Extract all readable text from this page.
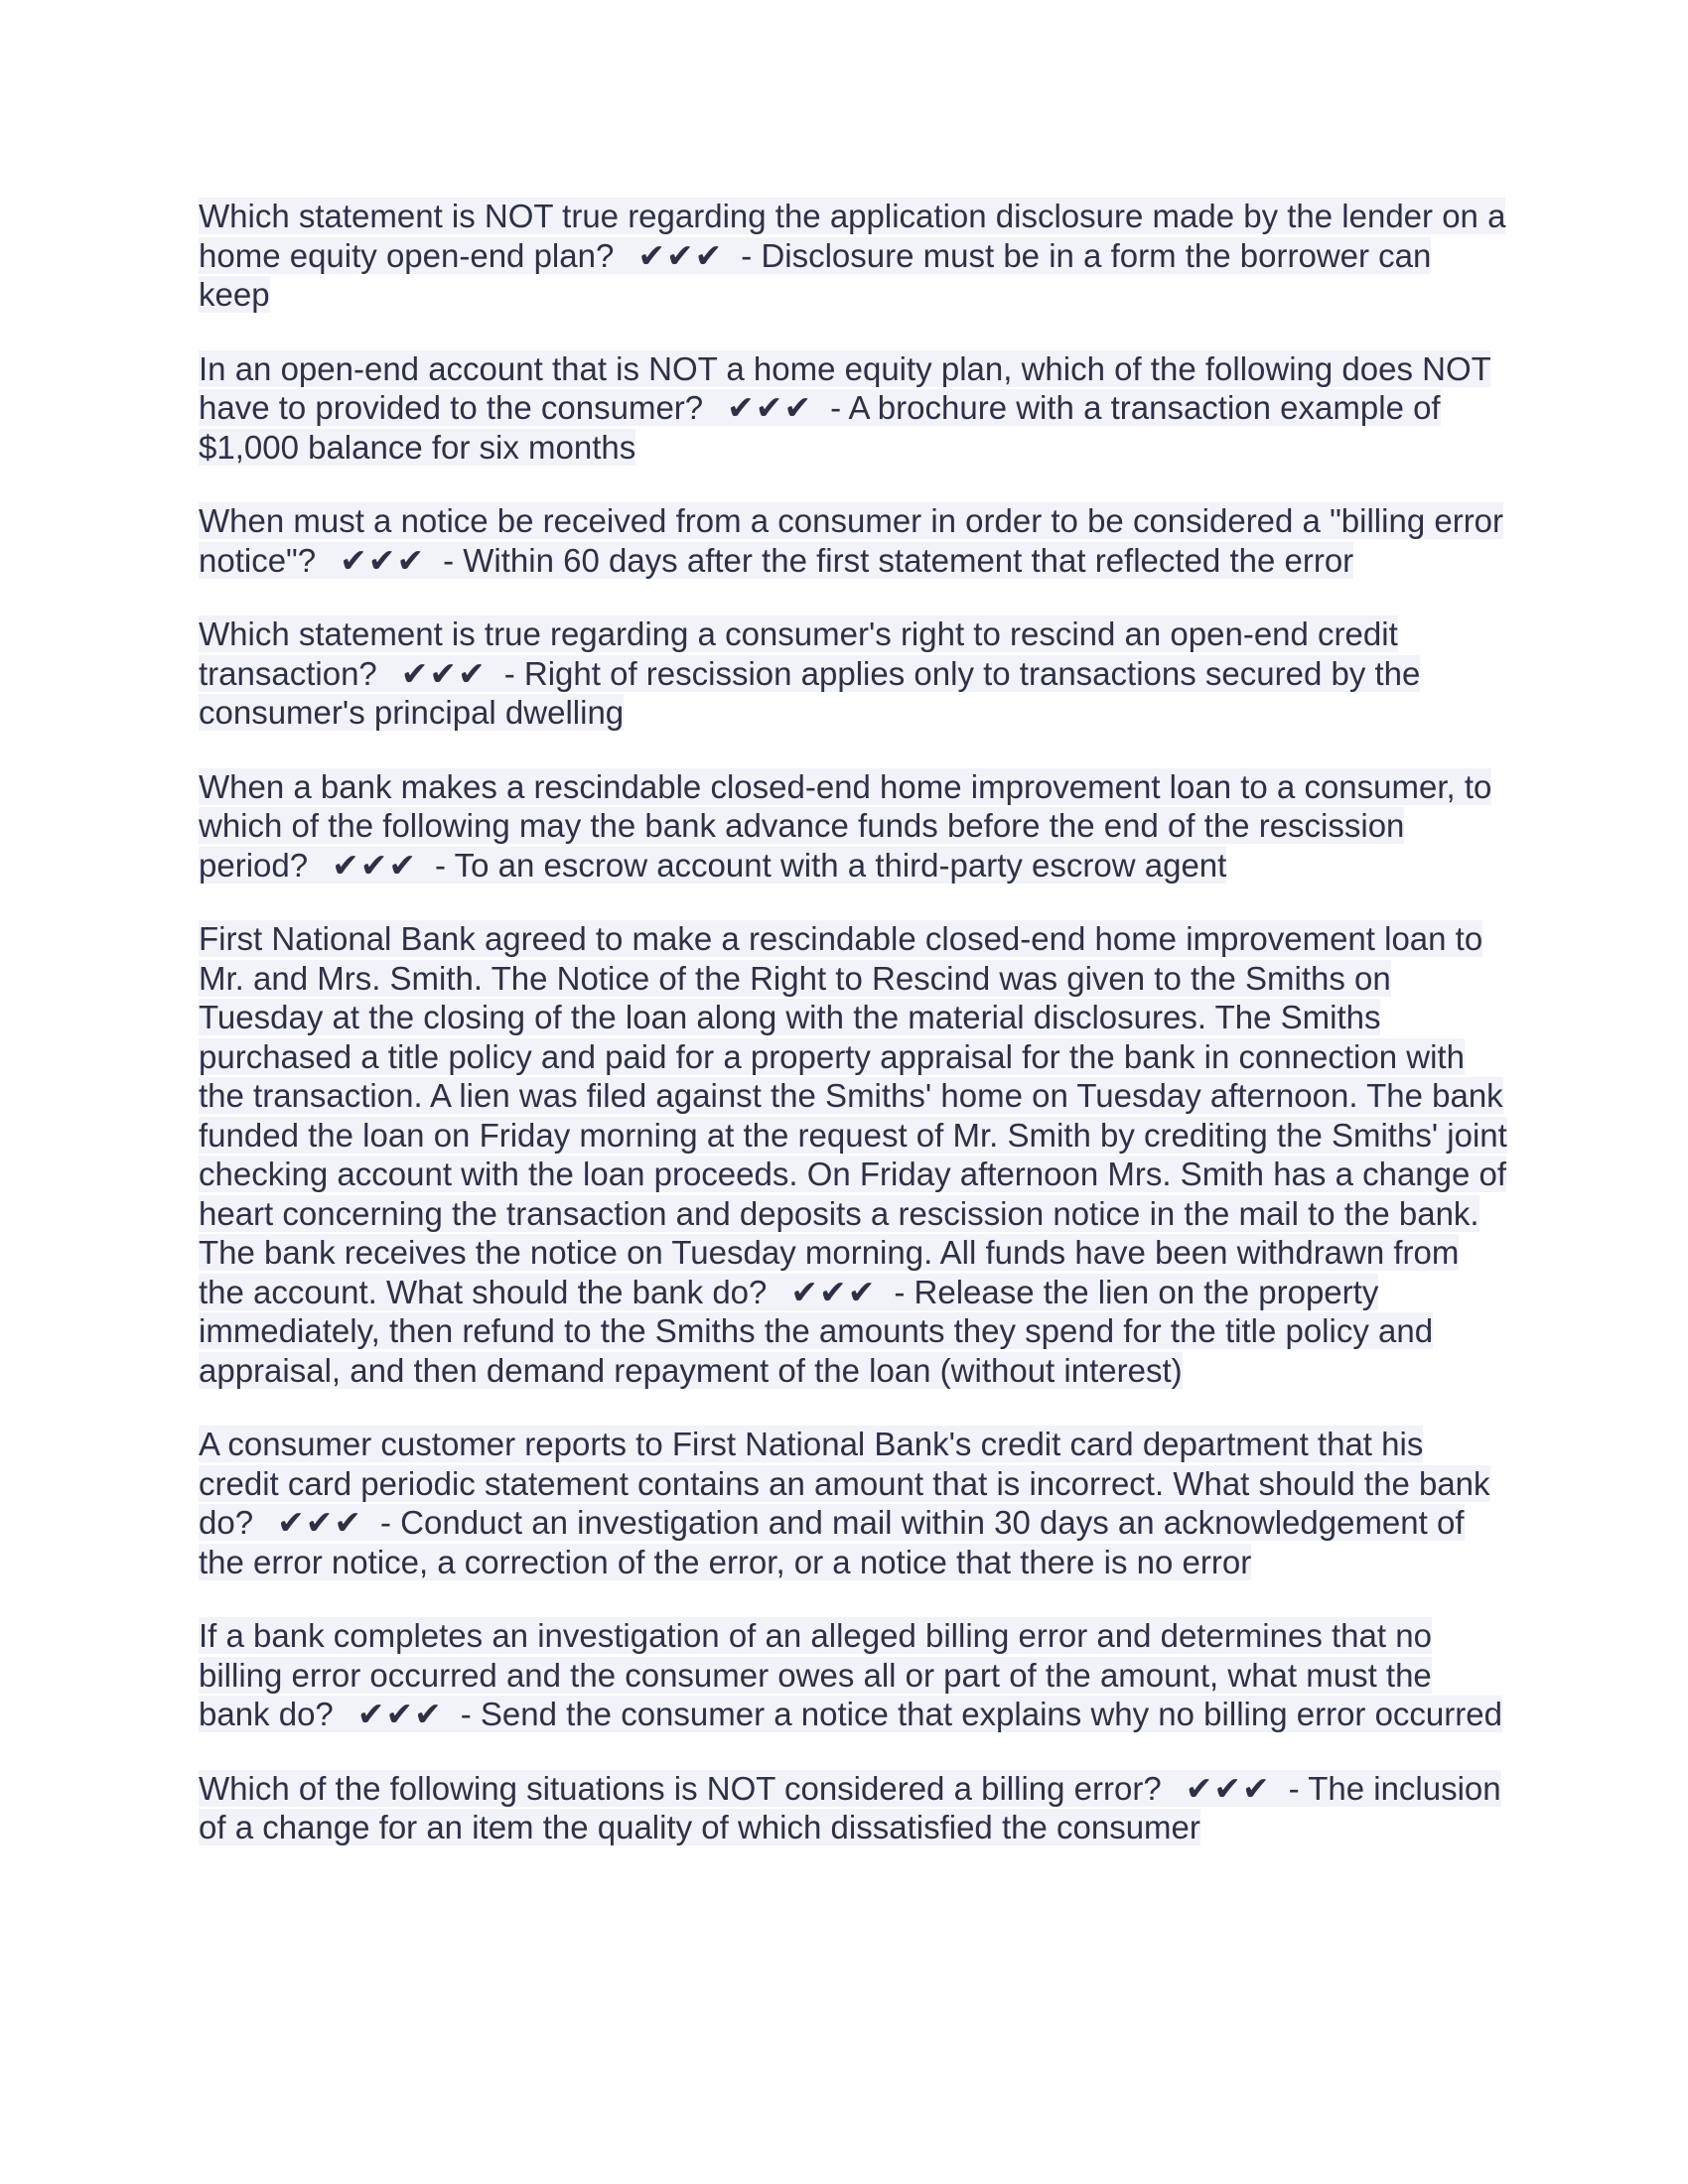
Which statement is NOT true regarding the application disclosure made by the lender on a home equity open-end plan? ✔✔✔ - Disclosure must be in a form the borrower can keep

In an open-end account that is NOT a home equity plan, which of the following does NOT have to provided to the consumer? ✔✔✔ - A brochure with a transaction example of $1,000 balance for six months

When must a notice be received from a consumer in order to be considered a "billing error notice"? ✔✔✔ - Within 60 days after the first statement that reflected the error

Which statement is true regarding a consumer's right to rescind an open-end credit transaction? ✔✔✔ - Right of rescission applies only to transactions secured by the consumer's principal dwelling

When a bank makes a rescindable closed-end home improvement loan to a consumer, to which of the following may the bank advance funds before the end of the rescission period? ✔✔✔ - To an escrow account with a third-party escrow agent

First National Bank agreed to make a rescindable closed-end home improvement loan to Mr. and Mrs. Smith. The Notice of the Right to Rescind was given to the Smiths on Tuesday at the closing of the loan along with the material disclosures. The Smiths purchased a title policy and paid for a property appraisal for the bank in connection with the transaction. A lien was filed against the Smiths' home on Tuesday afternoon. The bank funded the loan on Friday morning at the request of Mr. Smith by crediting the Smiths' joint checking account with the loan proceeds. On Friday afternoon Mrs. Smith has a change of heart concerning the transaction and deposits a rescission notice in the mail to the bank. The bank receives the notice on Tuesday morning. All funds have been withdrawn from the account. What should the bank do? ✔✔✔ - Release the lien on the property immediately, then refund to the Smiths the amounts they spend for the title policy and appraisal, and then demand repayment of the loan (without interest)

A consumer customer reports to First National Bank's credit card department that his credit card periodic statement contains an amount that is incorrect. What should the bank do? ✔✔✔ - Conduct an investigation and mail within 30 days an acknowledgement of the error notice, a correction of the error, or a notice that there is no error

If a bank completes an investigation of an alleged billing error and determines that no billing error occurred and the consumer owes all or part of the amount, what must the bank do? ✔✔✔ - Send the consumer a notice that explains why no billing error occurred

Which of the following situations is NOT considered a billing error? ✔✔✔ - The inclusion of a change for an item the quality of which dissatisfied the consumer
